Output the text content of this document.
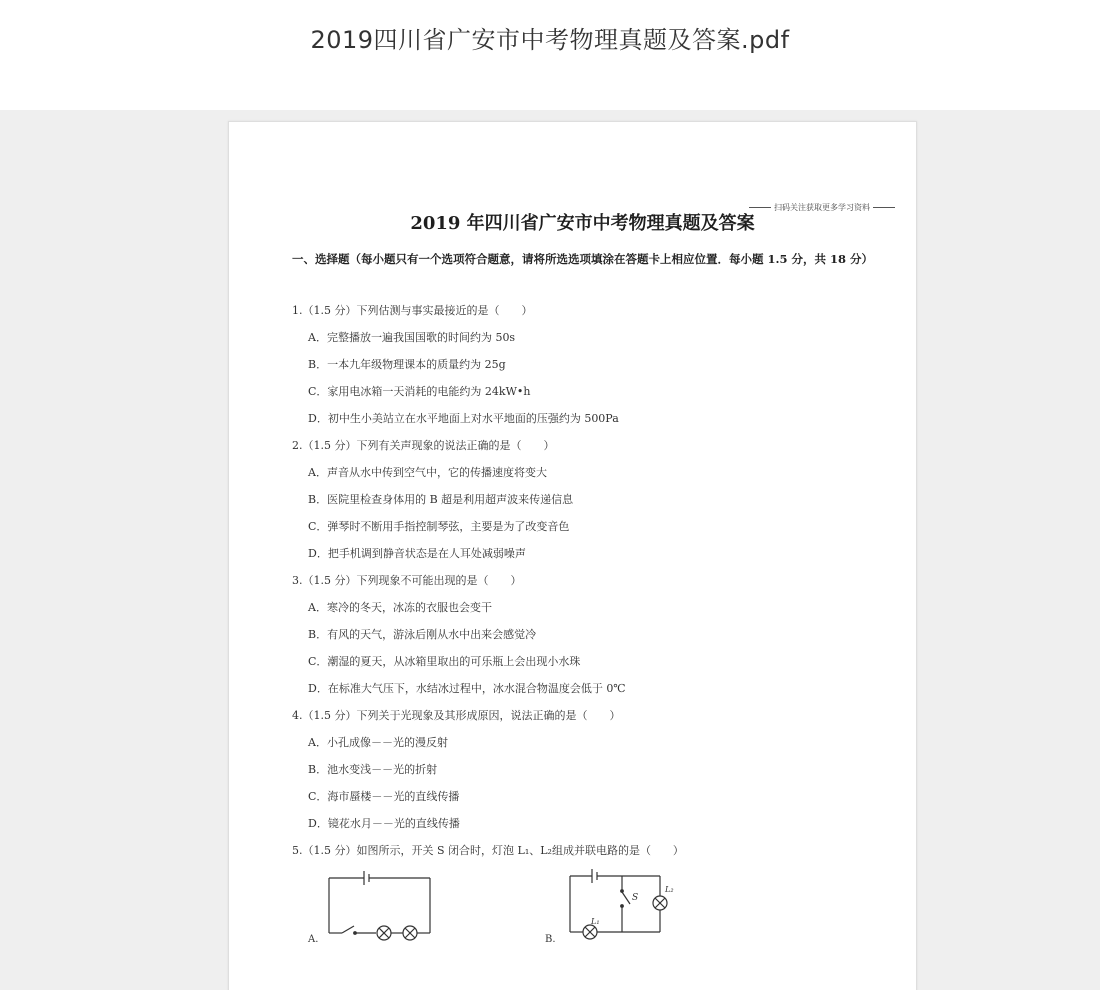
2019四川省广安市中考物理真题及答案.pdf
扫码关注获取更多学习资料
2019 年四川省广安市中考物理真题及答案
一、选择题（每小题只有一个选项符合题意，请将所选选项填涂在答题卡上相应位置．每小题 1.5 分，共 18 分）
1.（1.5 分）下列估测与事实最接近的是（　　）
A．完整播放一遍我国国歌的时间约为 50s
B．一本九年级物理课本的质量约为 25g
C．家用电冰箱一天消耗的电能约为 24kW•h
D．初中生小美站立在水平地面上对水平地面的压强约为 500Pa
2.（1.5 分）下列有关声现象的说法正确的是（　　）
A．声音从水中传到空气中，它的传播速度将变大
B．医院里检查身体用的 B 超是利用超声波来传递信息
C．弹琴时不断用手指控制琴弦，主要是为了改变音色
D．把手机调到静音状态是在人耳处减弱噪声
3.（1.5 分）下列现象不可能出现的是（　　）
A．寒冷的冬天，冰冻的衣服也会变干
B．有风的天气，游泳后刚从水中出来会感觉冷
C．潮湿的夏天，从冰箱里取出的可乐瓶上会出现小水珠
D．在标准大气压下，水结冰过程中，冰水混合物温度会低于 0℃
4.（1.5 分）下列关于光现象及其形成原因，说法正确的是（　　）
A．小孔成像－－光的漫反射
B．池水变浅－－光的折射
C．海市蜃楼－－光的直线传播
D．镜花水月－－光的直线传播
5.（1.5 分）如图所示，开关 S 闭合时，灯泡 L₁、L₂组成并联电路的是（　　）
A.	B.
S
L₂
L₁
